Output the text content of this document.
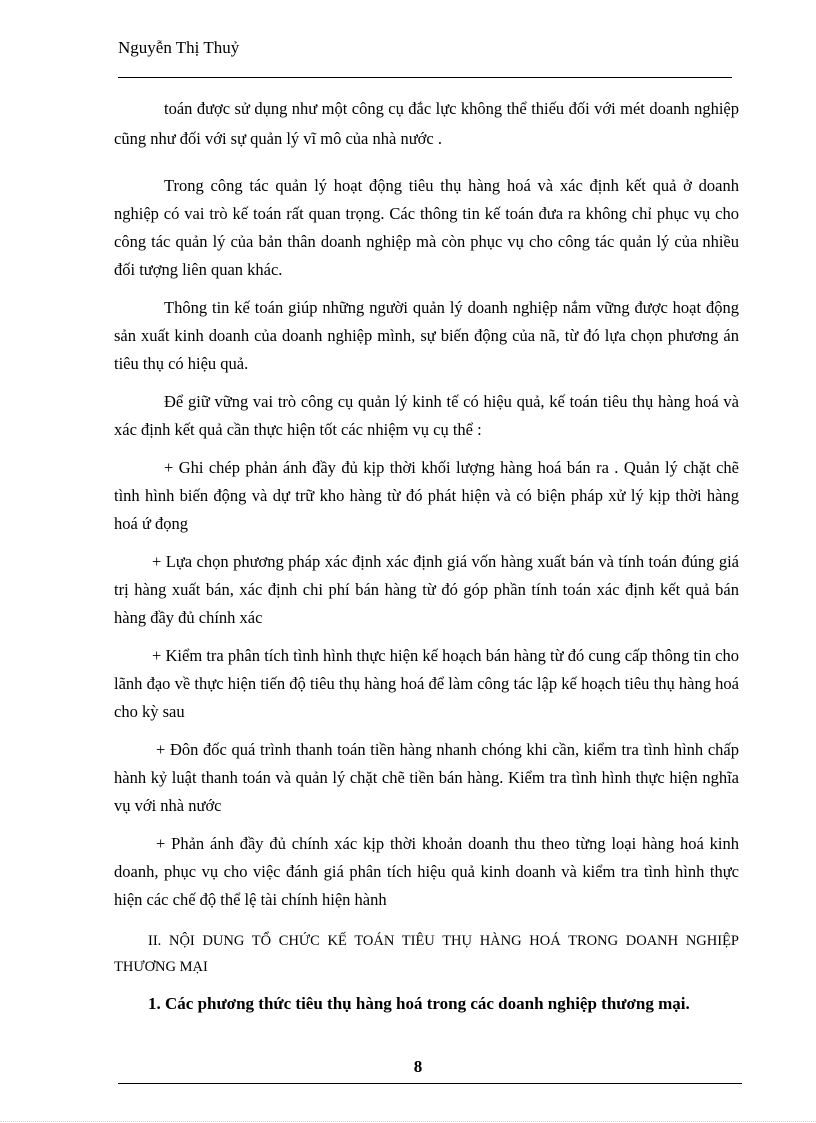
Nguyễn Thị Thuỷ

toán được sử dụng như một công cụ đắc lực không thể thiếu đối với mét doanh nghiệp cũng như đối với sự quản lý vĩ mô của nhà nước .

Trong công tác quản lý hoạt động tiêu thụ hàng hoá và xác định kết quả ở doanh nghiệp có vai trò kế toán rất quan trọng. Các thông tin kế toán đưa ra không chỉ phục vụ cho công tác quản lý của bản thân doanh nghiệp mà còn phục vụ cho công tác quản lý của nhiều đối tượng liên quan khác.

Thông tin kế toán giúp những người quản lý doanh nghiệp nắm vững được hoạt động sản xuất kinh doanh của doanh nghiệp mình, sự biến động của nã, từ đó lựa chọn phương án tiêu thụ có hiệu quả.

Để giữ vững vai trò công cụ quản lý kinh tế có hiệu quả, kế toán tiêu thụ hàng hoá và xác định kết quả cần thực hiện tốt các nhiệm vụ cụ thể :

+ Ghi chép phản ánh đầy đủ kịp thời khối lượng hàng hoá bán ra . Quản lý chặt chẽ tình hình biến động và dự trữ kho hàng từ đó phát hiện và có biện pháp xử lý kịp thời hàng hoá ứ đọng

+ Lựa chọn phương pháp xác định xác định giá vốn hàng xuất bán và tính toán đúng giá trị hàng xuất bán, xác định chi phí bán hàng từ đó góp phần tính toán xác định kết quả bán hàng đầy đủ chính xác

+ Kiểm tra phân tích tình hình thực hiện kế hoạch bán hàng từ đó cung cấp thông tin cho lãnh đạo về thực hiện tiến độ tiêu thụ hàng hoá để làm công tác lập kế hoạch tiêu thụ hàng hoá cho kỳ sau

+ Đôn đốc quá trình thanh toán tiền hàng nhanh chóng khi cần, kiểm tra tình hình chấp hành kỷ luật thanh toán và quản lý chặt chẽ tiền bán hàng. Kiểm tra tình hình thực hiện nghĩa vụ với nhà nước

+ Phản ánh đầy đủ chính xác kịp thời khoản doanh thu theo từng loại hàng hoá kinh doanh, phục vụ cho việc đánh giá phân tích hiệu quả kinh doanh và kiểm tra tình hình thực hiện các chế độ thể lệ tài chính hiện hành

II. NỘI DUNG TỔ CHỨC KẾ TOÁN TIÊU THỤ HÀNG HOÁ TRONG DOANH NGHIỆP THƯƠNG MẠI

1. Các phương thức tiêu thụ hàng hoá trong các doanh nghiệp thương mại.

8
